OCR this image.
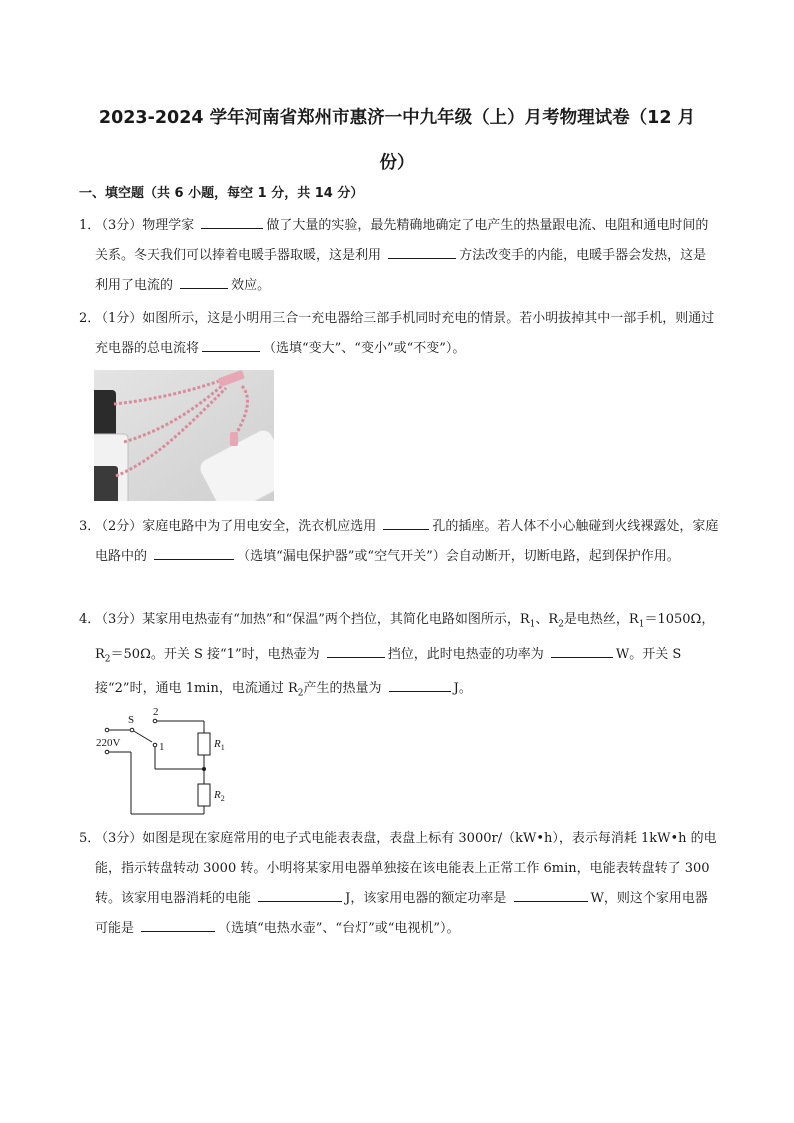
2023-2024 学年河南省郑州市惠济一中九年级（上）月考物理试卷（12 月
份）
一、填空题（共 6 小题，每空 1 分，共 14 分）
1．
（3分）物理学家	做了大量的实验，最先精确地确定了电产生的热量跟电流、电阻和通电时间的关系。冬天我们可以捧着电暖手器取暖，这是利用	方法改变手的内能，电暖手器会发热，这是利用了电流的	效应。
2．
（1分）如图所示，这是小明用三合一充电器给三部手机同时充电的情景。若小明拔掉其中一部手机，则通过充电器的总电流将	（选填“变大”、“变小”或“不变”）。
3．
（2分）家庭电路中为了用电安全，洗衣机应选用	孔的插座。若人体不小心触碰到火线裸露处，家庭电路中的	（选填“漏电保护器”或“空气开关”）会自动断开，切断电路，起到保护作用。
4．
（3分）某家用电热壶有“加热”和“保温”两个挡位，其简化电路如图所示，$R_1$、$R_2$是电热丝，$R_1=1050\Omega$，$R_2=50\Omega$。开关 S 接“1”时，电热壶为	挡位，此时电热壶的功率为	W。开关 S 接“2”时，通电 1min，电流通过 $R_2$产生的热量为	J。
220V
S
2
1	$R_1$
$R_2$
5．
（3分）如图是现在家庭常用的电子式电能表表盘，表盘上标有 3000r/（kW•h），表示每消耗 1kW•h 的电能，指示转盘转动 3000 转。小明将某家用电器单独接在该电能表上正常工作 6min，电能表转盘转了 300 转。该家用电器消耗的电能	J，该家用电器的额定功率是	W，则这个家用电器可能是	（选填“电热水壶”、“台灯”或“电视机”）。
